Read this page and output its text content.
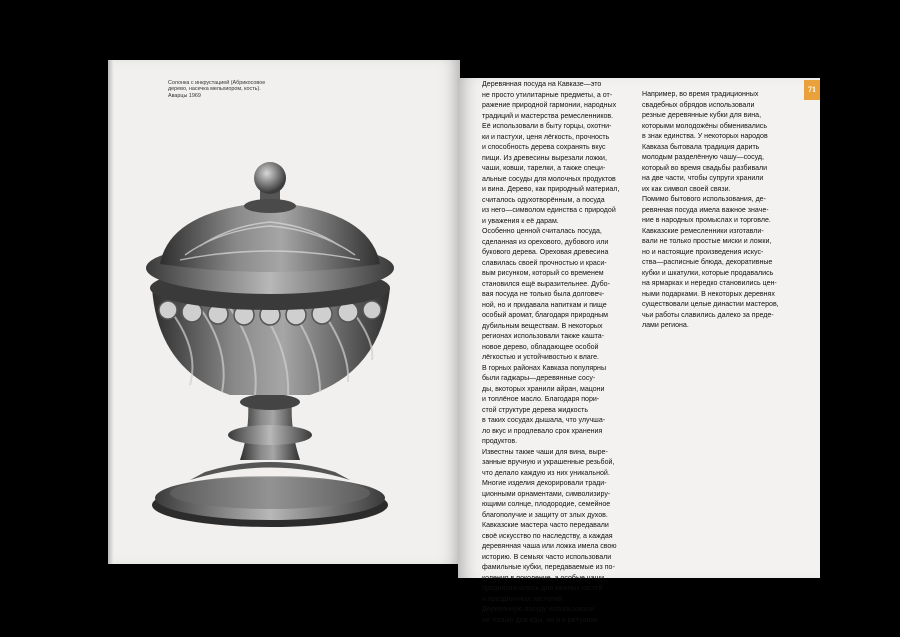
Солонка с инкрустацией (Абрикосовое
дерево, насечка мельхиором, кость).
Аварцы 1969
71
Деревянная посуда на Кавказе—это
не просто утилитарные предметы, а от-
ражение природной гармонии, народных
традиций и мастерства ремесленников.
Её использовали в быту горцы, охотни-
ки и пастухи, ценя лёгкость, прочность
и способность дерева сохранять вкус
пищи. Из древесины вырезали ложки,
чаши, ковши, тарелки, а также специ-
альные сосуды для молочных продуктов
и вина. Дерево, как природный материал,
считалось одухотворённым, а посуда
из него—символом единства с природой
и уважения к её дарам.
Особенно ценной считалась посуда,
сделанная из орехового, дубового или
букового дерева. Ореховая древесина
славилась своей прочностью и краси-
вым рисунком, который со временем
становился ещё выразительнее. Дубо-
вая посуда не только была долговеч-
ной, но и придавала напиткам и пище
особый аромат, благодаря природным
дубильным веществам. В некоторых
регионах использовали также кашта-
новое дерево, обладающее особой
лёгкостью и устойчивостью к влаге.
В горных районах Кавказа популярны
были гаджары—деревянные сосу-
ды, вкоторых хранили айран, мацони
и топлёное масло. Благодаря пори-
стой структуре дерева жидкость
в таких сосудах дышала, что улучша-
ло вкус и продлевало срок хранения
продуктов.
Известны также чаши для вина, выре-
занные вручную и украшенные резьбой,
что делало каждую из них уникальной.
Многие изделия декорировали тради-
ционными орнаментами, символизиру-
ющими солнце, плодородие, семейное
благополучие и защиту от злых духов.
Кавказские мастера часто передавали
своё искусство по наследству, а каждая
деревянная чаша или ложка имела свою
историю. В семьях часто использовали
фамильные кубки, передаваемые из по-
коления в поколение, а особые чаши
предназначались для важных гостей
и праздничных застолий.
Деревянную посуду использовали
не только для еды, но и в ритуалах.
Например, во время традиционных
свадебных обрядов использовали
резные деревянные кубки для вина,
которыми молодожёны обменивались
в знак единства. У некоторых народов
Кавказа бытовала традиция дарить
молодым разделённую чашу—сосуд,
который во время свадьбы разбивали
на две части, чтобы супруги хранили
их как символ своей связи.
Помимо бытового использования, де-
ревянная посуда имела важное значе-
ние в народных промыслах и торговле.
Кавказские ремесленники изготавли-
вали не только простые миски и ложки,
но и настоящие произведения искус-
ства—расписные блюда, декоративные
кубки и шкатулки, которые продавались
на ярмарках и нередко становились цен-
ными подарками. В некоторых деревнях
существовали целые династии мастеров,
чьи работы славились далеко за преде-
лами региона.
